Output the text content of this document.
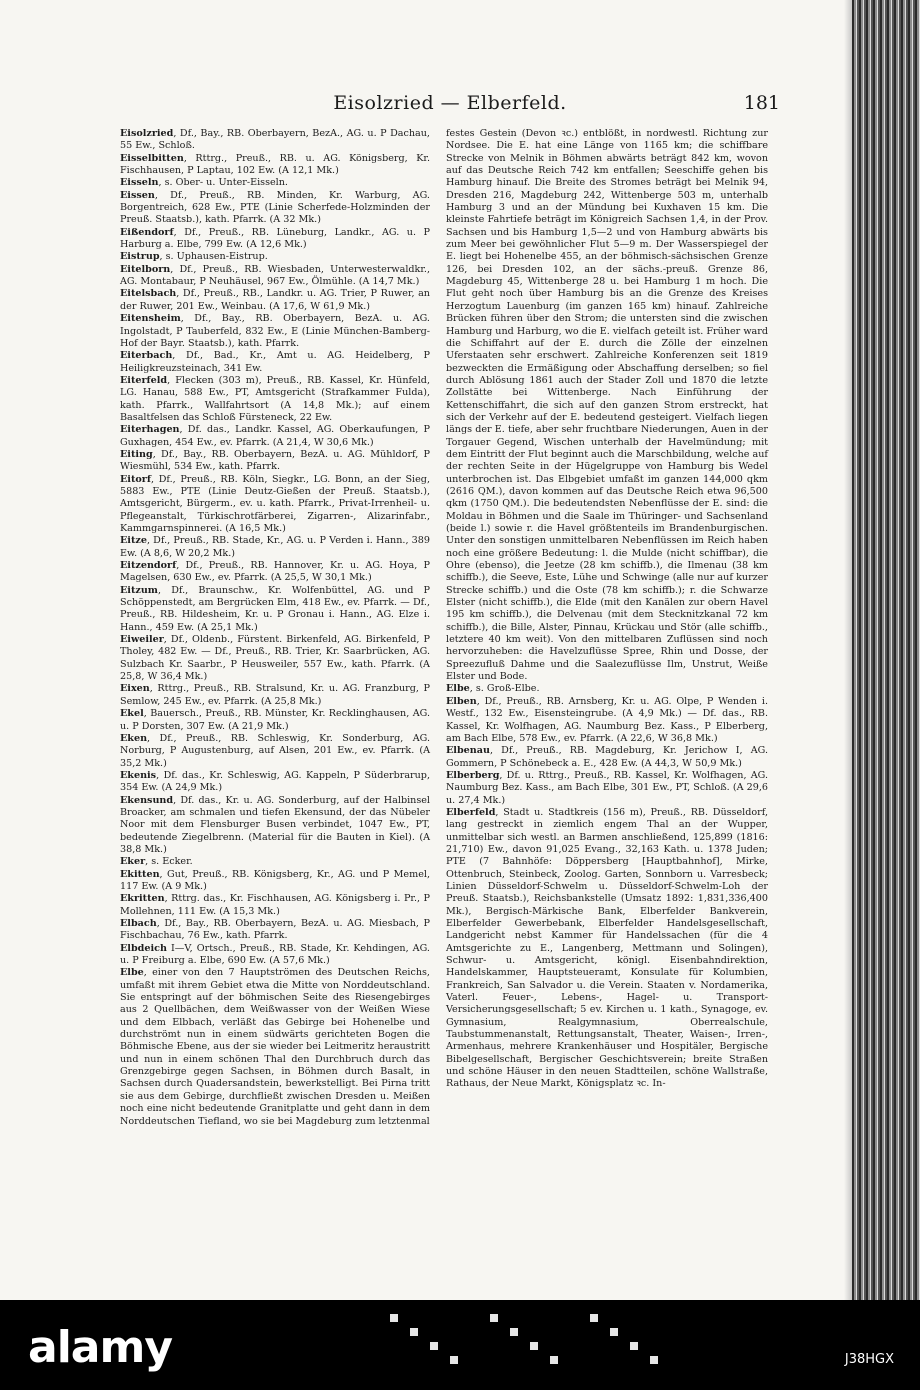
Eisolzried — Elberfeld.	181
Eisolzried, Df., Bay., RB. Oberbayern, BezA., AG. u. P Dachau, 55 Ew., Schloß.
Eisselbitten, Rttrg., Preuß., RB. u. AG. Königsberg, Kr. Fischhausen, P Laptau, 102 Ew. (A 12,1 Mk.)
Eisseln, s. Ober- u. Unter-Eisseln.
Eissen, Df., Preuß., RB. Minden, Kr. Warburg, AG. Borgentreich, 628 Ew., PTE (Linie Scherfede-Holzminden der Preuß. Staatsb.), kath. Pfarrk. (A 32 Mk.)
Eißendorf, Df., Preuß., RB. Lüneburg, Landkr., AG. u. P Harburg a. Elbe, 799 Ew. (A 12,6 Mk.)
Eistrup, s. Uphausen-Eistrup.
Eitelborn, Df., Preuß., RB. Wiesbaden, Unterwesterwaldkr., AG. Montabaur, P Neuhäusel, 967 Ew., Ölmühle. (A 14,7 Mk.)
Eitelsbach, Df., Preuß., RB., Landkr. u. AG. Trier, P Ruwer, an der Ruwer, 201 Ew., Weinbau. (A 17,6, W 61,9 Mk.)
Eitensheim, Df., Bay., RB. Oberbayern, BezA. u. AG. Ingolstadt, P Tauberfeld, 832 Ew., E (Linie München-Bamberg-Hof der Bayr. Staatsb.), kath. Pfarrk.
Eiterbach, Df., Bad., Kr., Amt u. AG. Heidelberg, P Heiligkreuzsteinach, 341 Ew.
Eiterfeld, Flecken (303 m), Preuß., RB. Kassel, Kr. Hünfeld, LG. Hanau, 588 Ew., PT, Amtsgericht (Strafkammer Fulda), kath. Pfarrk., Wallfahrtsort (A 14,8 Mk.); auf einem Basaltfelsen das Schloß Fürsteneck, 22 Ew.
Eiterhagen, Df. das., Landkr. Kassel, AG. Oberkaufungen, P Guxhagen, 454 Ew., ev. Pfarrk. (A 21,4, W 30,6 Mk.)
Eiting, Df., Bay., RB. Oberbayern, BezA. u. AG. Mühldorf, P Wiesmühl, 534 Ew., kath. Pfarrk.
Eitorf, Df., Preuß., RB. Köln, Siegkr., LG. Bonn, an der Sieg, 5883 Ew., PTE (Linie Deutz-Gießen der Preuß. Staatsb.), Amtsgericht, Bürgerm., ev. u. kath. Pfarrk., Privat-Irrenheil- u. Pflegeanstalt, Türkischrotfärberei, Zigarren-, Alizarinfabr., Kammgarnspinnerei. (A 16,5 Mk.)
Eitze, Df., Preuß., RB. Stade, Kr., AG. u. P Verden i. Hann., 389 Ew. (A 8,6, W 20,2 Mk.)
Eitzendorf, Df., Preuß., RB. Hannover, Kr. u. AG. Hoya, P Magelsen, 630 Ew., ev. Pfarrk. (A 25,5, W 30,1 Mk.)
Eitzum, Df., Braunschw., Kr. Wolfenbüttel, AG. und P Schöppenstedt, am Bergrücken Elm, 418 Ew., ev. Pfarrk. — Df., Preuß., RB. Hildesheim, Kr. u. P Gronau i. Hann., AG. Elze i. Hann., 459 Ew. (A 25,1 Mk.)
Eiweiler, Df., Oldenb., Fürstent. Birkenfeld, AG. Birkenfeld, P Tholey, 482 Ew. — Df., Preuß., RB. Trier, Kr. Saarbrücken, AG. Sulzbach Kr. Saarbr., P Heusweiler, 557 Ew., kath. Pfarrk. (A 25,8, W 36,4 Mk.)
Eixen, Rttrg., Preuß., RB. Stralsund, Kr. u. AG. Franzburg, P Semlow, 245 Ew., ev. Pfarrk. (A 25,8 Mk.)
Ekel, Bauersch., Preuß., RB. Münster, Kr. Recklinghausen, AG. u. P Dorsten, 307 Ew. (A 21,9 Mk.)
Eken, Df., Preuß., RB. Schleswig, Kr. Sonderburg, AG. Norburg, P Augustenburg, auf Alsen, 201 Ew., ev. Pfarrk. (A 35,2 Mk.)
Ekenis, Df. das., Kr. Schleswig, AG. Kappeln, P Süderbrarup, 354 Ew. (A 24,9 Mk.)
Ekensund, Df. das., Kr. u. AG. Sonderburg, auf der Halbinsel Broacker, am schmalen und tiefen Ekensund, der das Nübeler Noor mit dem Flensburger Busen verbindet, 1047 Ew., PT, bedeutende Ziegelbrenn. (Material für die Bauten in Kiel). (A 38,8 Mk.)
Eker, s. Ecker.
Ekitten, Gut, Preuß., RB. Königsberg, Kr., AG. und P Memel, 117 Ew. (A 9 Mk.)
Ekritten, Rttrg. das., Kr. Fischhausen, AG. Königsberg i. Pr., P Mollehnen, 111 Ew. (A 15,3 Mk.)
Elbach, Df., Bay., RB. Oberbayern, BezA. u. AG. Miesbach, P Fischbachau, 76 Ew., kath. Pfarrk.
Elbdeich I—V, Ortsch., Preuß., RB. Stade, Kr. Kehdingen, AG. u. P Freiburg a. Elbe, 690 Ew. (A 57,6 Mk.)
Elbe, einer von den 7 Hauptströmen des Deutschen Reichs, umfaßt mit ihrem Gebiet etwa die Mitte von Norddeutschland. Sie entspringt auf der böhmischen Seite des Riesengebirges aus 2 Quellbächen, dem Weißwasser von der Weißen Wiese und dem Elbbach, verläßt das Gebirge bei Hohenelbe und durchströmt nun in einem südwärts gerichteten Bogen die Böhmische Ebene, aus der sie wieder bei Leitmeritz heraustritt und nun in einem schönen Thal den Durchbruch durch das Grenzgebirge gegen Sachsen, in Böhmen durch Basalt, in Sachsen durch Quadersandstein, bewerkstelligt. Bei Pirna tritt sie aus dem Gebirge, durchfließt zwischen Dresden u. Meißen noch eine nicht bedeutende Granitplatte und geht dann in dem Norddeutschen Tiefland, wo sie bei Magdeburg zum letztenmal
festes Gestein (Devon ꝛc.) entblößt, in nordwestl. Richtung zur Nordsee. Die E. hat eine Länge von 1165 km; die schiffbare Strecke von Melnik in Böhmen abwärts beträgt 842 km, wovon auf das Deutsche Reich 742 km entfallen; Seeschiffe gehen bis Hamburg hinauf. Die Breite des Stromes beträgt bei Melnik 94, Dresden 216, Magdeburg 242, Wittenberge 503 m, unterhalb Hamburg 3 und an der Mündung bei Kuxhaven 15 km. Die kleinste Fahrtiefe beträgt im Königreich Sachsen 1,4, in der Prov. Sachsen und bis Hamburg 1,5—2 und von Hamburg abwärts bis zum Meer bei gewöhnlicher Flut 5—9 m. Der Wasserspiegel der E. liegt bei Hohenelbe 455, an der böhmisch-sächsischen Grenze 126, bei Dresden 102, an der sächs.-preuß. Grenze 86, Magdeburg 45, Wittenberge 28 u. bei Hamburg 1 m hoch. Die Flut geht noch über Hamburg bis an die Grenze des Kreises Herzogtum Lauenburg (im ganzen 165 km) hinauf. Zahlreiche Brücken führen über den Strom; die untersten sind die zwischen Hamburg und Harburg, wo die E. vielfach geteilt ist. Früher ward die Schiffahrt auf der E. durch die Zölle der einzelnen Uferstaaten sehr erschwert. Zahlreiche Konferenzen seit 1819 bezweckten die Ermäßigung oder Abschaffung derselben; so fiel durch Ablösung 1861 auch der Stader Zoll und 1870 die letzte Zollstätte bei Wittenberge. Nach Einführung der Kettenschiffahrt, die sich auf den ganzen Strom erstreckt, hat sich der Verkehr auf der E. bedeutend gesteigert. Vielfach liegen längs der E. tiefe, aber sehr fruchtbare Niederungen, Auen in der Torgauer Gegend, Wischen unterhalb der Havelmündung; mit dem Eintritt der Flut beginnt auch die Marschbildung, welche auf der rechten Seite in der Hügelgruppe von Hamburg bis Wedel unterbrochen ist. Das Elbgebiet umfaßt im ganzen 144,000 qkm (2616 QM.), davon kommen auf das Deutsche Reich etwa 96,500 qkm (1750 QM.). Die bedeutendsten Nebenflüsse der E. sind: die Moldau in Böhmen und die Saale im Thüringer- und Sachsenland (beide l.) sowie r. die Havel größtenteils im Brandenburgischen. Unter den sonstigen unmittelbaren Nebenflüssen im Reich haben noch eine größere Bedeutung: l. die Mulde (nicht schiffbar), die Ohre (ebenso), die Jeetze (28 km schiffb.), die Ilmenau (38 km schiffb.), die Seeve, Este, Lühe und Schwinge (alle nur auf kurzer Strecke schiffb.) und die Oste (78 km schiffb.); r. die Schwarze Elster (nicht schiffb.), die Elde (mit den Kanälen zur obern Havel 195 km schiffb.), die Delvenau (mit dem Stecknitzkanal 72 km schiffb.), die Bille, Alster, Pinnau, Krückau und Stör (alle schiffb., letztere 40 km weit). Von den mittelbaren Zuflüssen sind noch hervorzuheben: die Havelzuflüsse Spree, Rhin und Dosse, der Spreezufluß Dahme und die Saalezuflüsse Ilm, Unstrut, Weiße Elster und Bode.
Elbe, s. Groß-Elbe.
Elben, Df., Preuß., RB. Arnsberg, Kr. u. AG. Olpe, P Wenden i. Westf., 132 Ew., Eisensteingrube. (A 4,9 Mk.) — Df. das., RB. Kassel, Kr. Wolfhagen, AG. Naumburg Bez. Kass., P Elberberg, am Bach Elbe, 578 Ew., ev. Pfarrk. (A 22,6, W 36,8 Mk.)
Elbenau, Df., Preuß., RB. Magdeburg, Kr. Jerichow I, AG. Gommern, P Schönebeck a. E., 428 Ew. (A 44,3, W 50,9 Mk.)
Elberberg, Df. u. Rttrg., Preuß., RB. Kassel, Kr. Wolfhagen, AG. Naumburg Bez. Kass., am Bach Elbe, 301 Ew., PT, Schloß. (A 29,6 u. 27,4 Mk.)
Elberfeld, Stadt u. Stadtkreis (156 m), Preuß., RB. Düsseldorf, lang gestreckt in ziemlich engem Thal an der Wupper, unmittelbar sich westl. an Barmen anschließend, 125,899 (1816: 21,710) Ew., davon 91,025 Evang., 32,163 Kath. u. 1378 Juden; PTE (7 Bahnhöfe: Döppersberg [Hauptbahnhof], Mirke, Ottenbruch, Steinbeck, Zoolog. Garten, Sonnborn u. Varresbeck; Linien Düsseldorf-Schwelm u. Düsseldorf-Schwelm-Loh der Preuß. Staatsb.), Reichsbankstelle (Umsatz 1892: 1,831,336,400 Mk.), Bergisch-Märkische Bank, Elberfelder Bankverein, Elberfelder Gewerbebank, Elberfelder Handelsgesellschaft, Landgericht nebst Kammer für Handelssachen (für die 4 Amtsgerichte zu E., Langenberg, Mettmann und Solingen), Schwur- u. Amtsgericht, königl. Eisenbahndirektion, Handelskammer, Hauptsteueramt, Konsulate für Kolumbien, Frankreich, San Salvador u. die Verein. Staaten v. Nordamerika, Vaterl. Feuer-, Lebens-, Hagel- u. Transport-Versicherungsgesellschaft; 5 ev. Kirchen u. 1 kath., Synagoge, ev. Gymnasium, Realgymnasium, Oberrealschule, Taubstummenanstalt, Rettungsanstalt, Theater, Waisen-, Irren-, Armenhaus, mehrere Krankenhäuser und Hospitäler, Bergische Bibelgesellschaft, Bergischer Geschichtsverein; breite Straßen und schöne Häuser in den neuen Stadtteilen, schöne Wallstraße, Rathaus, der Neue Markt, Königsplatz ꝛc. In-
alamy	J38HGX
